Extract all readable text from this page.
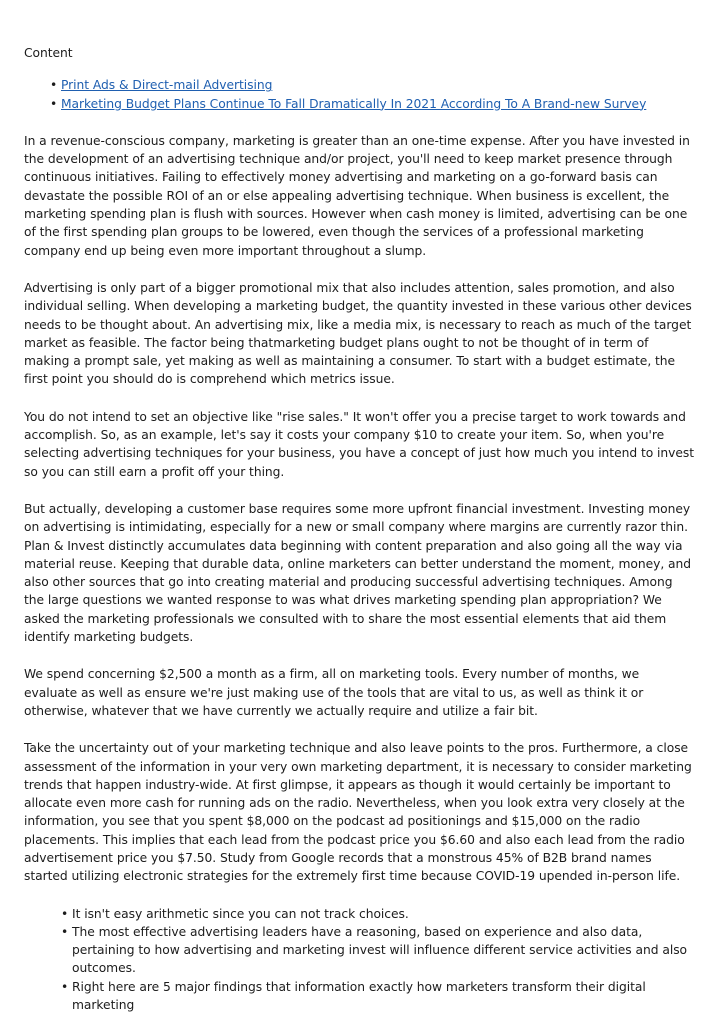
Content
• Print Ads & Direct-mail Advertising
• Marketing Budget Plans Continue To Fall Dramatically In 2021 According To A Brand-new Survey

In a revenue-conscious company, marketing is greater than an one-time expense. After you have invested in the development of an advertising technique and/or project, you'll need to keep market presence through continuous initiatives. Failing to effectively money advertising and marketing on a go-forward basis can devastate the possible ROI of an or else appealing advertising technique. When business is excellent, the marketing spending plan is flush with sources. However when cash money is limited, advertising can be one of the first spending plan groups to be lowered, even though the services of a professional marketing company end up being even more important throughout a slump.

Advertising is only part of a bigger promotional mix that also includes attention, sales promotion, and also individual selling. When developing a marketing budget, the quantity invested in these various other devices needs to be thought about. An advertising mix, like a media mix, is necessary to reach as much of the target market as feasible. The factor being thatmarketing budget plans ought to not be thought of in term of making a prompt sale, yet making as well as maintaining a consumer. To start with a budget estimate, the first point you should do is comprehend which metrics issue.

You do not intend to set an objective like "rise sales." It won't offer you a precise target to work towards and accomplish. So, as an example, let's say it costs your company $10 to create your item. So, when you're selecting advertising techniques for your business, you have a concept of just how much you intend to invest so you can still earn a profit off your thing.

But actually, developing a customer base requires some more upfront financial investment. Investing money on advertising is intimidating, especially for a new or small company where margins are currently razor thin. Plan & Invest distinctly accumulates data beginning with content preparation and also going all the way via material reuse. Keeping that durable data, online marketers can better understand the moment, money, and also other sources that go into creating material and producing successful advertising techniques. Among the large questions we wanted response to was what drives marketing spending plan appropriation? We asked the marketing professionals we consulted with to share the most essential elements that aid them identify marketing budgets.

We spend concerning $2,500 a month as a firm, all on marketing tools. Every number of months, we evaluate as well as ensure we're just making use of the tools that are vital to us, as well as think it or otherwise, whatever that we have currently we actually require and utilize a fair bit.

Take the uncertainty out of your marketing technique and also leave points to the pros. Furthermore, a close assessment of the information in your very own marketing department, it is necessary to consider marketing trends that happen industry-wide. At first glimpse, it appears as though it would certainly be important to allocate even more cash for running ads on the radio. Nevertheless, when you look extra very closely at the information, you see that you spent $8,000 on the podcast ad positionings and $15,000 on the radio placements. This implies that each lead from the podcast price you $6.60 and also each lead from the radio advertisement price you $7.50. Study from Google records that a monstrous 45% of B2B brand names started utilizing electronic strategies for the extremely first time because COVID-19 upended in-person life.

• It isn't easy arithmetic since you can not track choices.
• The most effective advertising leaders have a reasoning, based on experience and also data, pertaining to how advertising and marketing invest will influence different service activities and also outcomes.
• Right here are 5 major findings that information exactly how marketers transform their digital marketing
